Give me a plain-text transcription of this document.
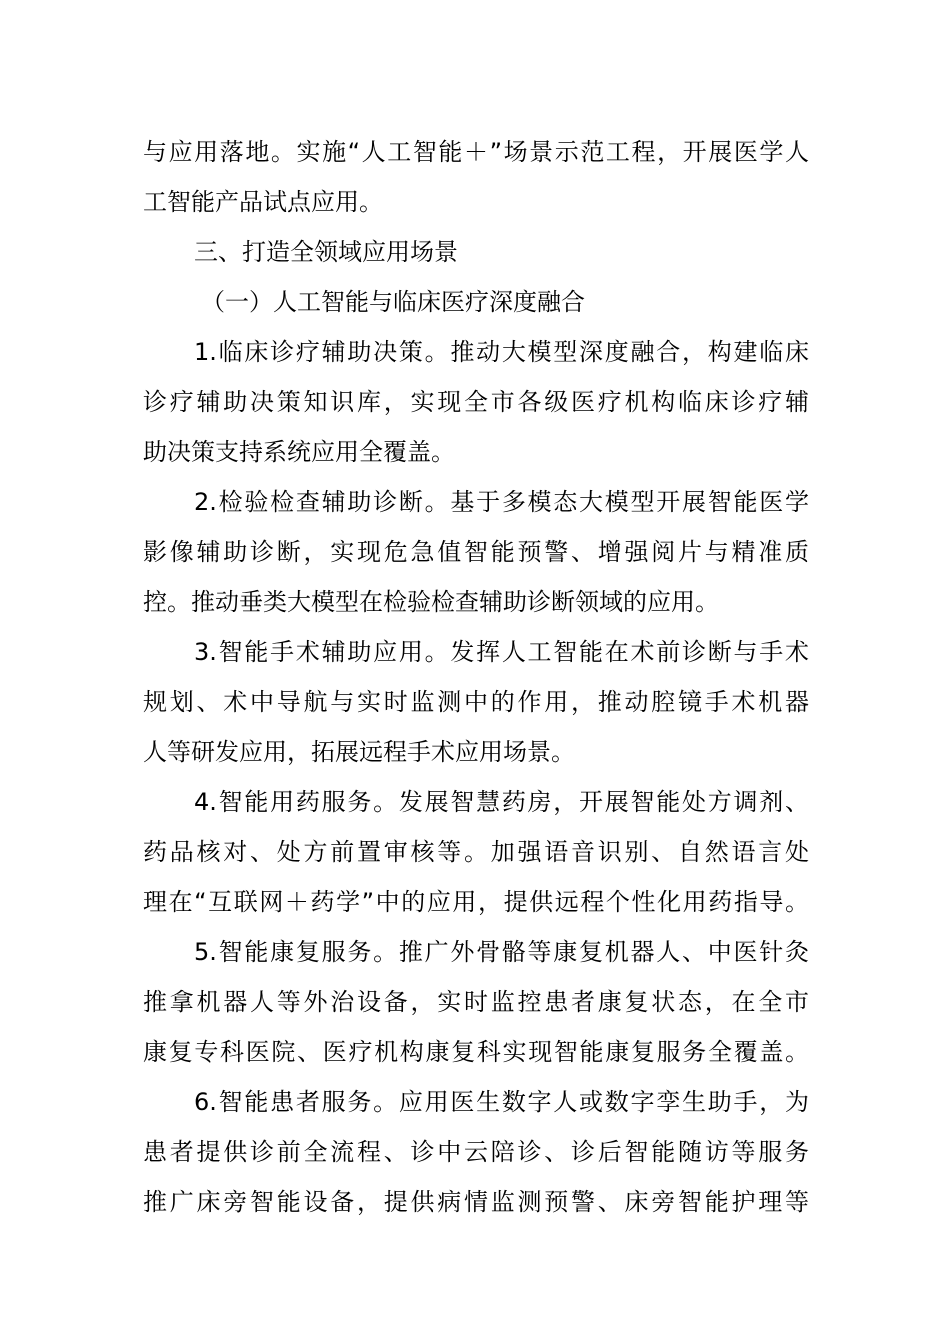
与应用落地。实施“人工智能＋”场景示范工程，开展医学人
工智能产品试点应用。
三、打造全领域应用场景
（一）人工智能与临床医疗深度融合
1.临床诊疗辅助决策。推动大模型深度融合，构建临床
诊疗辅助决策知识库，实现全市各级医疗机构临床诊疗辅
助决策支持系统应用全覆盖。
2.检验检查辅助诊断。基于多模态大模型开展智能医学
影像辅助诊断，实现危急值智能预警、增强阅片与精准质
控。推动垂类大模型在检验检查辅助诊断领域的应用。
3.智能手术辅助应用。发挥人工智能在术前诊断与手术
规划、术中导航与实时监测中的作用，推动腔镜手术机器
人等研发应用，拓展远程手术应用场景。
4.智能用药服务。发展智慧药房，开展智能处方调剂、
药品核对、处方前置审核等。加强语音识别、自然语言处
理在“互联网＋药学”中的应用，提供远程个性化用药指导。
5.智能康复服务。推广外骨骼等康复机器人、中医针灸
推拿机器人等外治设备，实时监控患者康复状态，在全市
康复专科医院、医疗机构康复科实现智能康复服务全覆盖。
6.智能患者服务。应用医生数字人或数字孪生助手，为
患者提供诊前全流程、诊中云陪诊、诊后智能随访等服务
推广床旁智能设备，提供病情监测预警、床旁智能护理等
